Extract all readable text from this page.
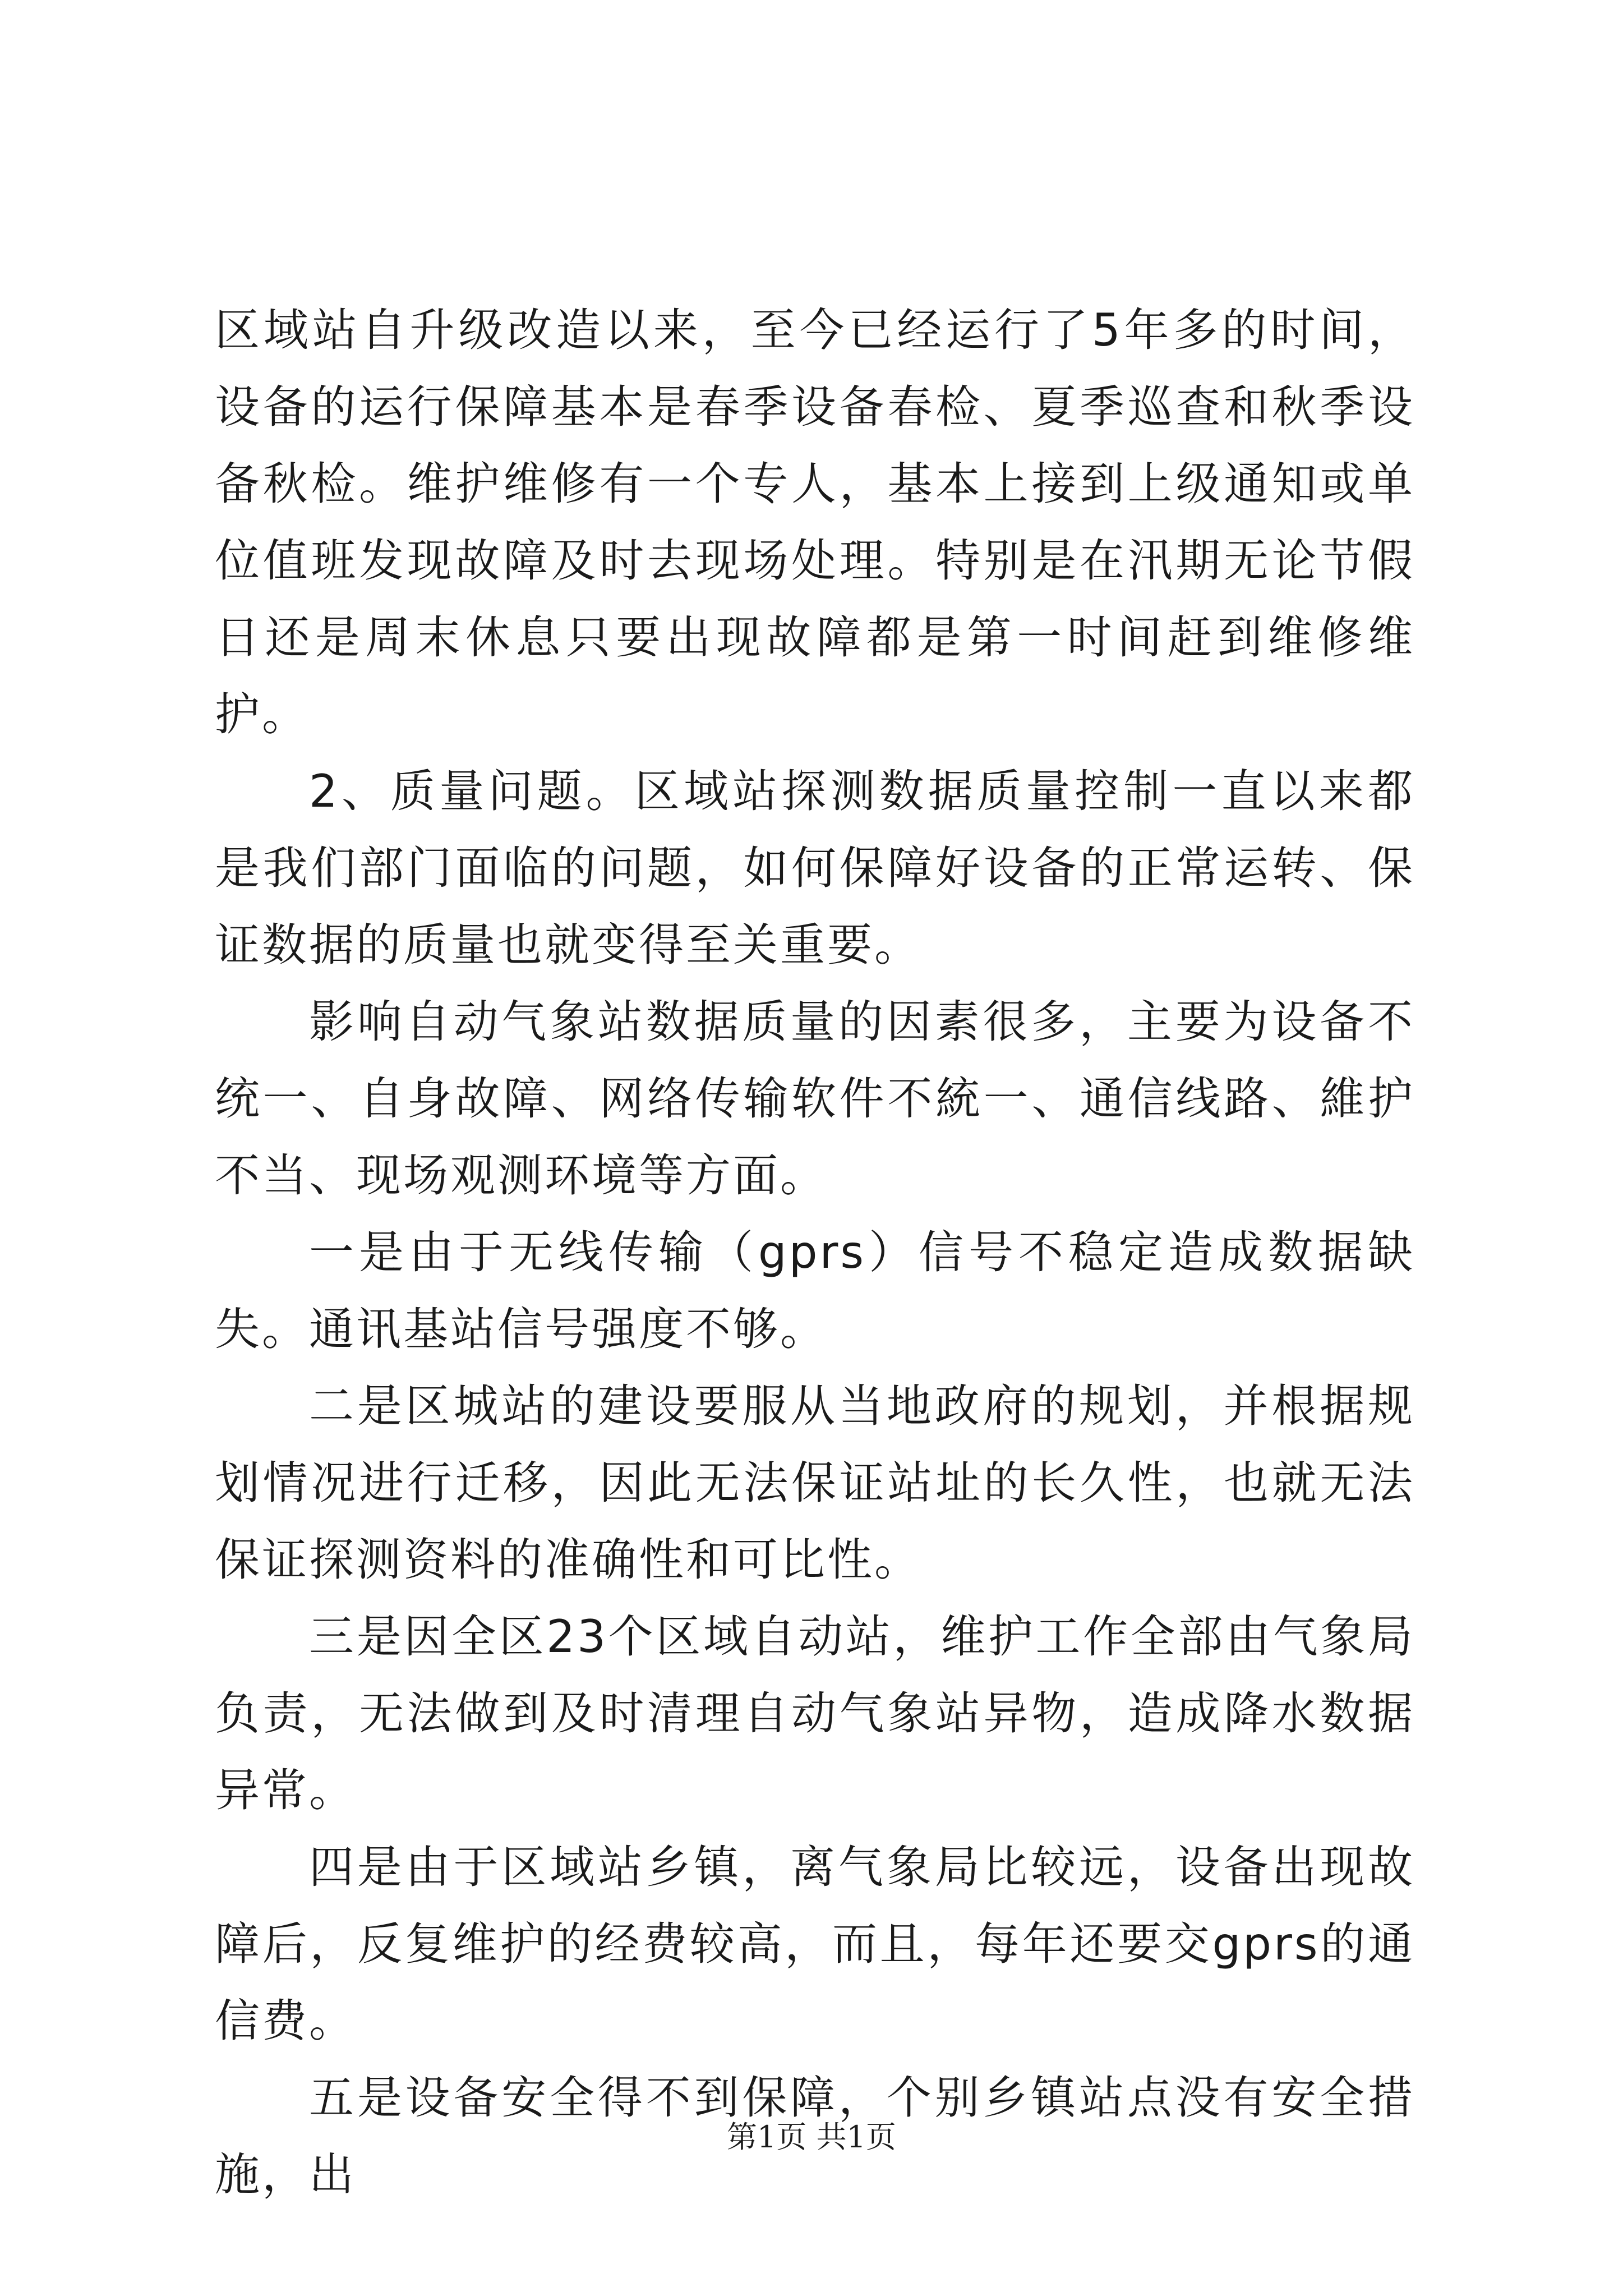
区域站自升级改造以来，至今已经运行了5年多的时间，设备的运行保障基本是春季设备春检、夏季巡查和秋季设备秋检。维护维修有一个专人，基本上接到上级通知或单位值班发现故障及时去现场处理。特别是在汛期无论节假日还是周末休息只要出现故障都是第一时间赶到维修维护。

2、质量问题。区域站探测数据质量控制一直以来都是我们部门面临的问题，如何保障好设备的正常运转、保证数据的质量也就变得至关重要。

影响自动气象站数据质量的因素很多，主要为设备不统一、自身故障、网络传输软件不統一、通信线路、維护不当、现场观测环境等方面。

一是由于无线传输（gprs）信号不稳定造成数据缺失。通讯基站信号强度不够。

二是区城站的建设要服从当地政府的规划，并根据规划情况进行迁移，因此无法保证站址的长久性，也就无法保证探测资料的准确性和可比性。

三是因全区23个区域自动站，维护工作全部由气象局负责，无法做到及时清理自动气象站异物，造成降水数据异常。

四是由于区域站乡镇，离气象局比较远，设备出现故障后，反复维护的经费较高，而且，每年还要交gprs的通信费。

五是设备安全得不到保障，个别乡镇站点没有安全措施，出

第1页 共1页
